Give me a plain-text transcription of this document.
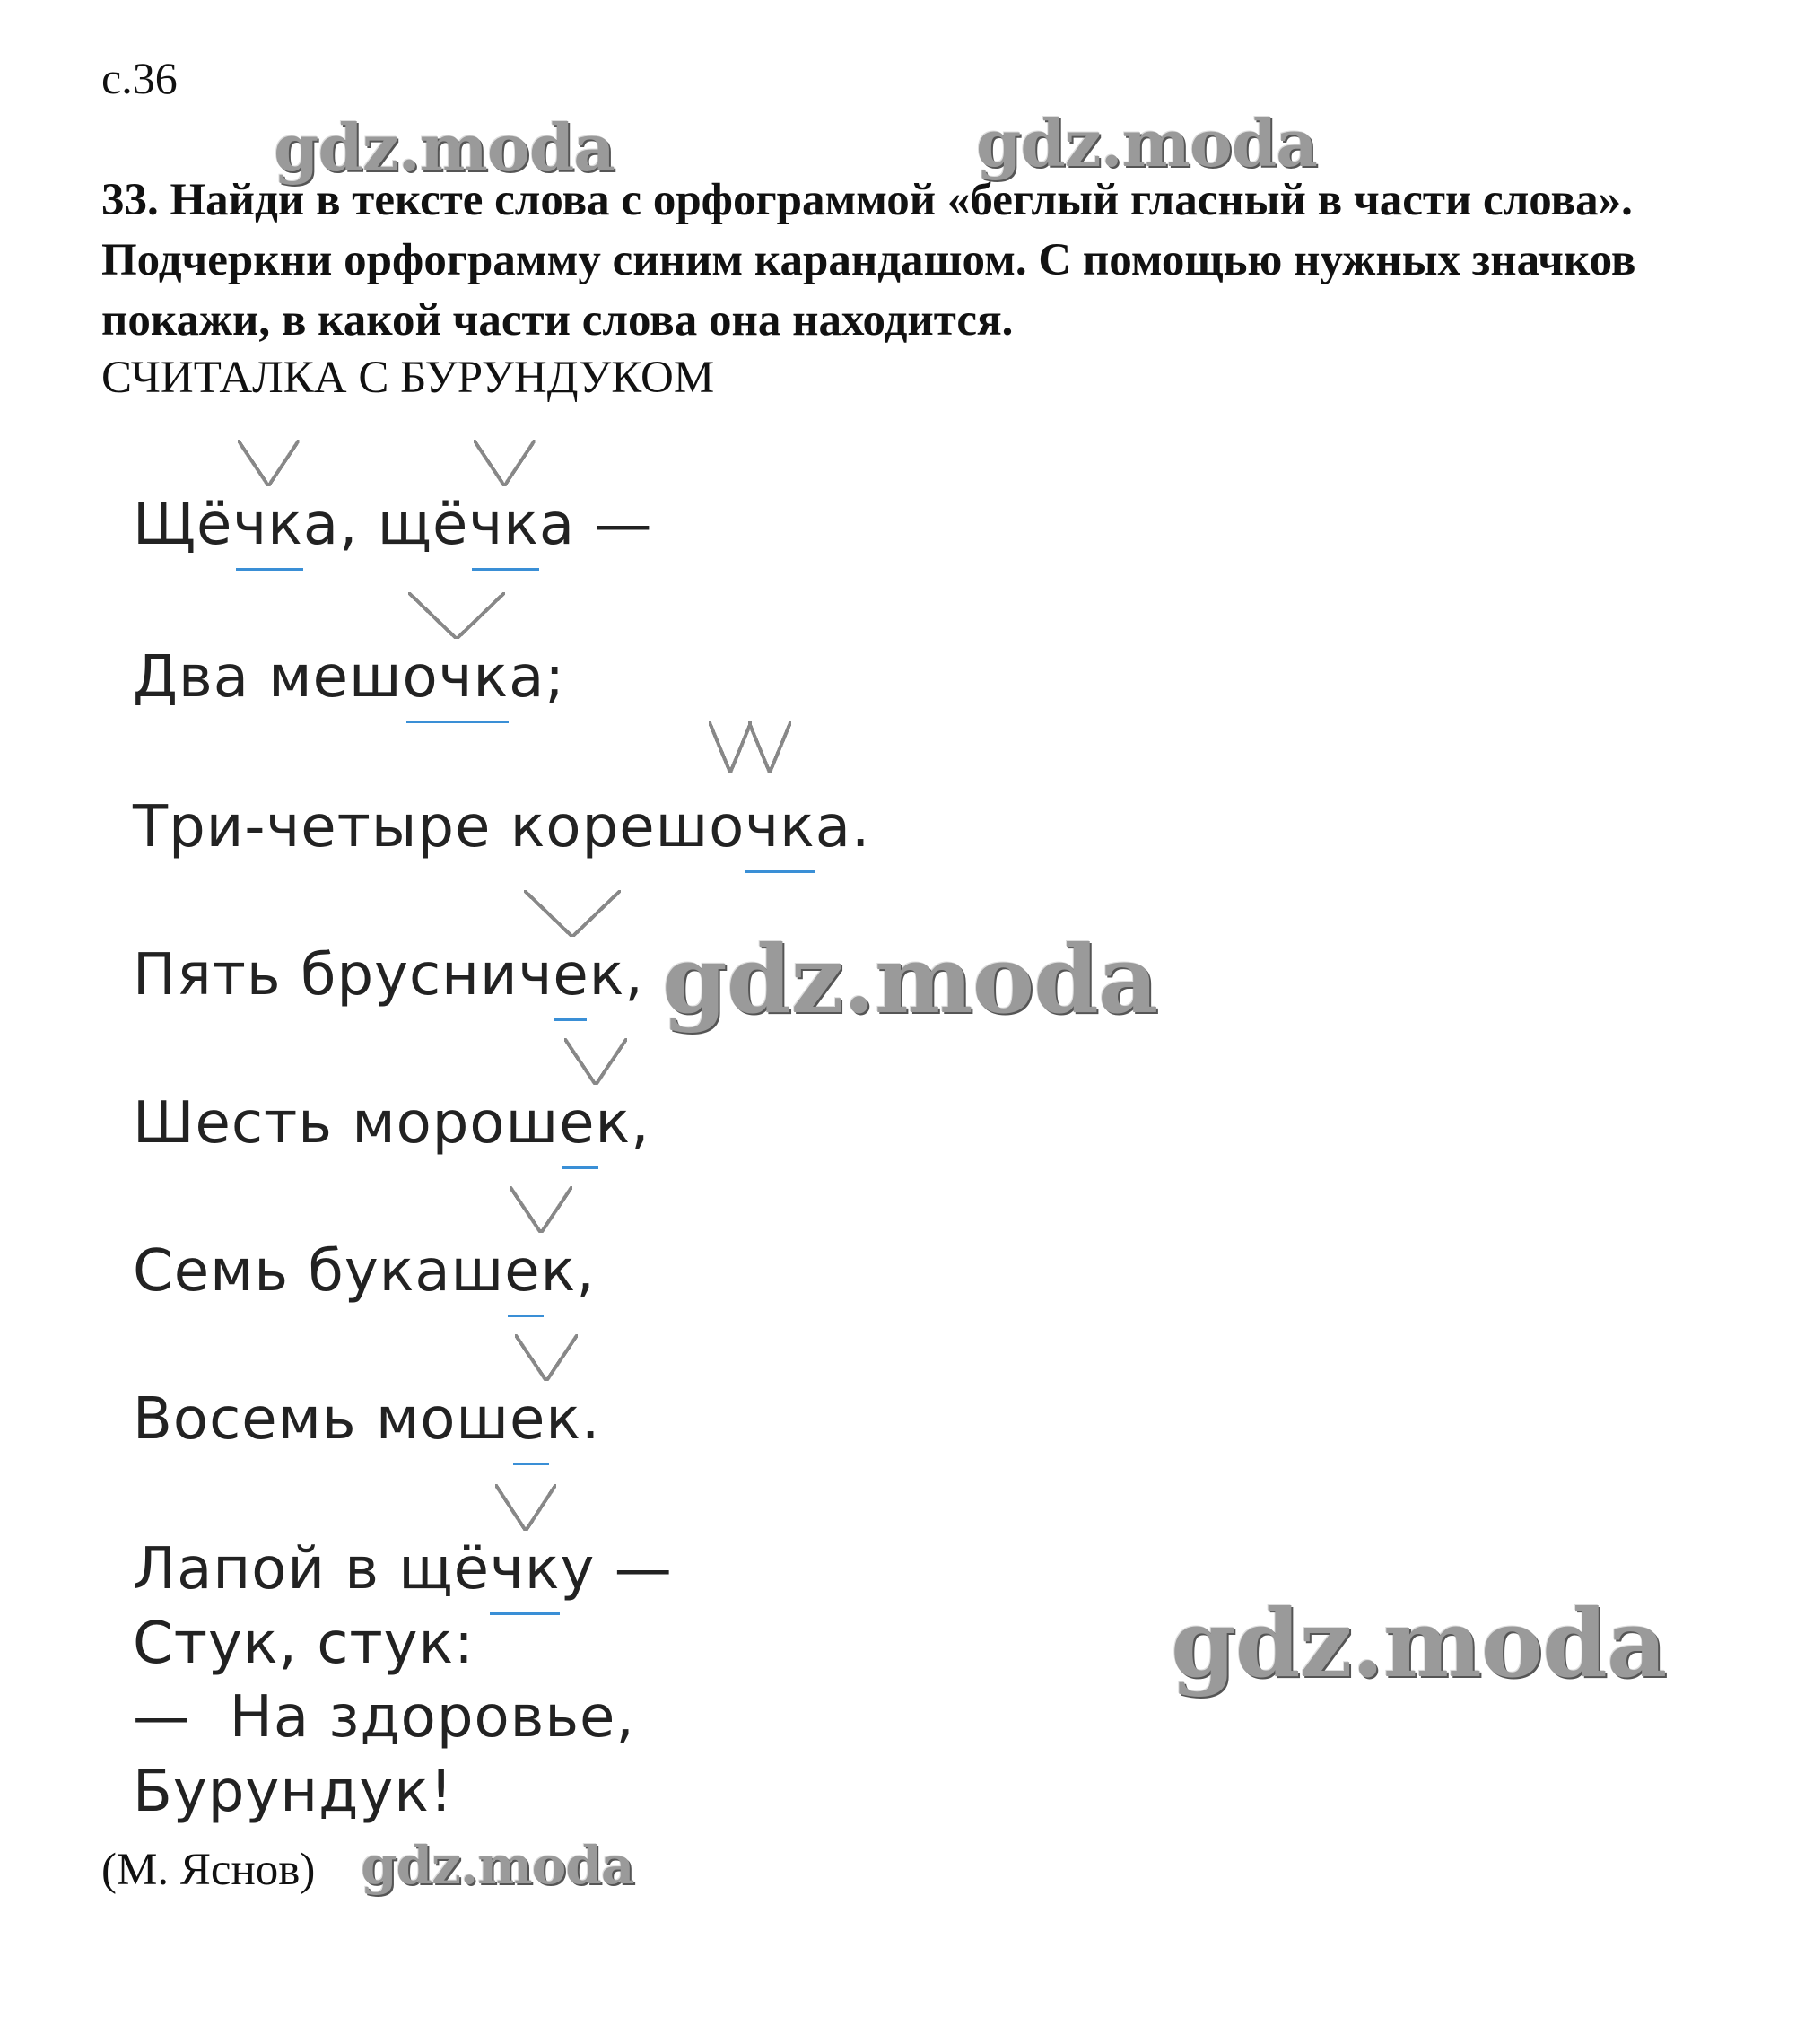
с.36
33. Найди в тексте слова с орфограммой «беглый гласный в части слова». Подчеркни орфограмму синим карандашом. С помощью нужных значков покажи, в какой части слова она находится.
СЧИТАЛКА С БУРУНДУКОМ
Щёчк
а, щёчк
а —
Два мешочк
а;
Три-четыре корешочк
а.
Пять брусничек
,
Шесть морошек
,
Семь букашек
,
Восемь мошек
.
Лапой в щёчк
у —
Стук, стук:
—  На здоровье,
Бурундук!
(М. Яснов)
gdz.moda	gdz.moda
gdz.moda
gdz.moda
gdz.moda
